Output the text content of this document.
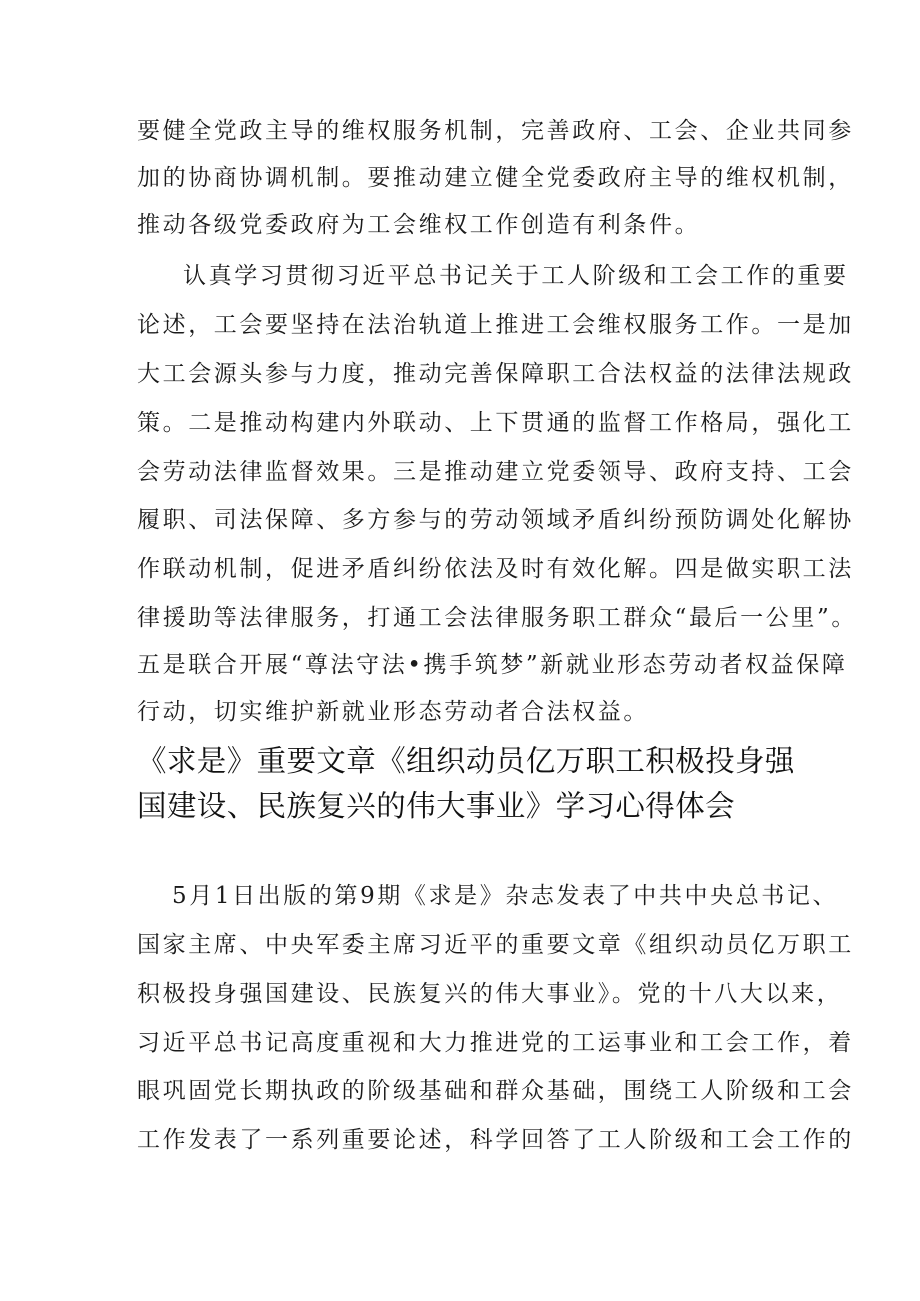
要健全党政主导的维权服务机制，完善政府、工会、企业共同参
加的协商协调机制。要推动建立健全党委政府主导的维权机制，
推动各级党委政府为工会维权工作创造有利条件。
认真学习贯彻习近平总书记关于工人阶级和工会工作的重要
论述，工会要坚持在法治轨道上推进工会维权服务工作。一是加
大工会源头参与力度，推动完善保障职工合法权益的法律法规政
策。二是推动构建内外联动、上下贯通的监督工作格局，强化工
会劳动法律监督效果。三是推动建立党委领导、政府支持、工会
履职、司法保障、多方参与的劳动领域矛盾纠纷预防调处化解协
作联动机制，促进矛盾纠纷依法及时有效化解。四是做实职工法
律援助等法律服务，打通工会法律服务职工群众“最后一公里”。
五是联合开展“尊法守法•携手筑梦”新就业形态劳动者权益保障
行动，切实维护新就业形态劳动者合法权益。
《求是》重要文章《组织动员亿万职工积极投身强
国建设、民族复兴的伟大事业》学习心得体会
5月1日出版的第9期《求是》杂志发表了中共中央总书记、
国家主席、中央军委主席习近平的重要文章《组织动员亿万职工
积极投身强国建设、民族复兴的伟大事业》。党的十八大以来，
习近平总书记高度重视和大力推进党的工运事业和工会工作，着
眼巩固党长期执政的阶级基础和群众基础，围绕工人阶级和工会
工作发表了一系列重要论述，科学回答了工人阶级和工会工作的
